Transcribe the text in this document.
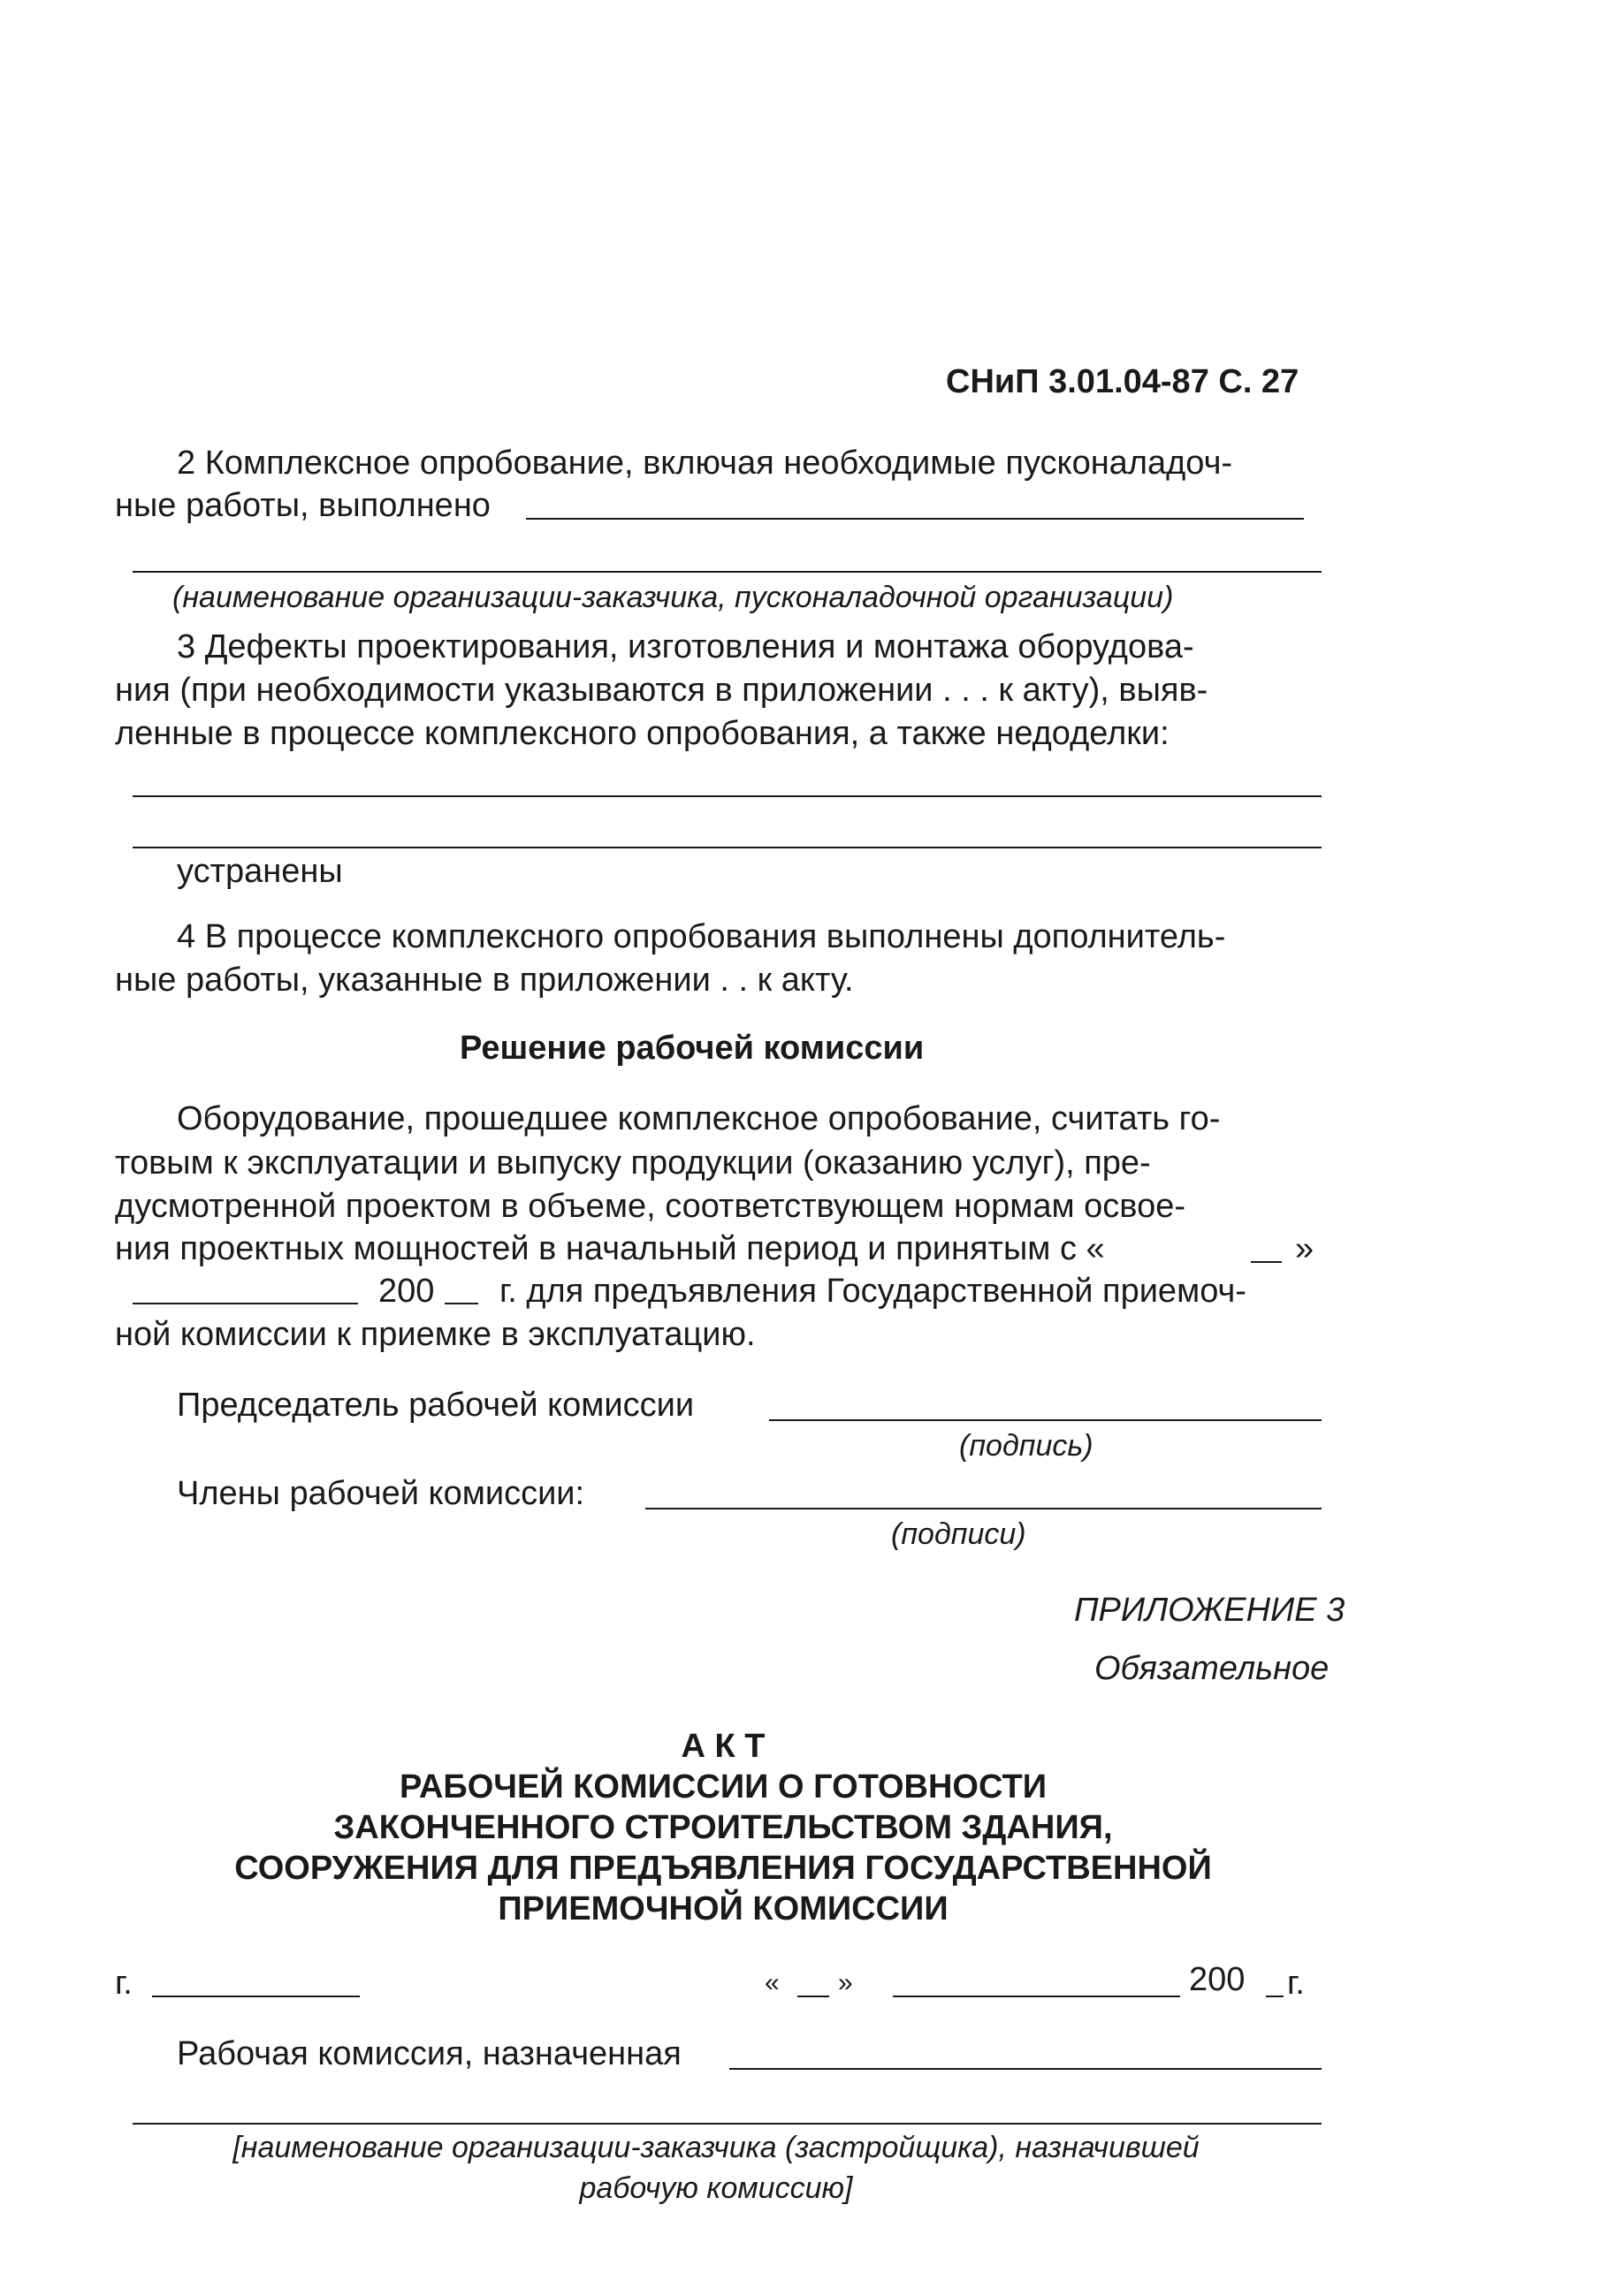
СНиП 3.01.04-87 С. 27
2 Комплексное опробование, включая необходимые пусконаладоч-
ные работы, выполнено
(наименование организации-заказчика, пусконаладочной организации)
3 Дефекты проектирования, изготовления и монтажа оборудова-
ния (при необходимости указываются в приложении . . . к акту), выяв-
ленные в процессе комплексного опробования, а также недоделки:
устранены
4 В процессе комплексного опробования выполнены дополнитель-
ные работы, указанные в приложении . . к акту.
Решение рабочей комиссии
Оборудование, прошедшее комплексное опробование, считать го-
товым к эксплуатации и выпуску продукции (оказанию услуг), пре-
дусмотренной проектом в объеме, соответствующем нормам освое-
ния проектных мощностей в начальный период и принятым с «	»
200 г. для предъявления Государственной приемоч-
ной комиссии к приемке в эксплуатацию.
Председатель рабочей комиссии
(подпись)
Члены рабочей комиссии:
(подписи)
ПРИЛОЖЕНИЕ 3
Обязательное
А К Т
РАБОЧЕЙ КОМИССИИ О ГОТОВНОСТИ
ЗАКОНЧЕННОГО СТРОИТЕЛЬСТВОМ ЗДАНИЯ,
СООРУЖЕНИЯ ДЛЯ ПРЕДЪЯВЛЕНИЯ ГОСУДАРСТВЕННОЙ
ПРИЕМОЧНОЙ КОМИССИИ
г.	« »	200 г.
Рабочая комиссия, назначенная
[наименование организации-заказчика (застройщика), назначившей
рабочую комиссию]
